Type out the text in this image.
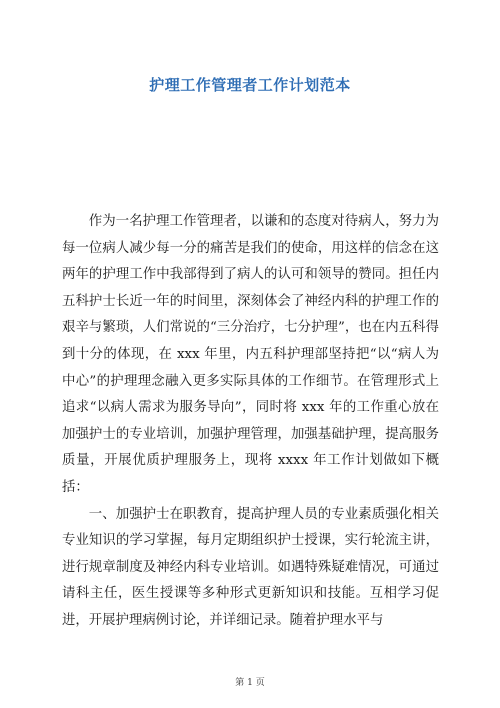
护理工作管理者工作计划范本

作为一名护理工作管理者，以谦和的态度对待病人，努力为每一位病人减少每一分的痛苦是我们的使命，用这样的信念在这两年的护理工作中我部得到了病人的认可和领导的赞同。担任内五科护士长近一年的时间里，深刻体会了神经内科的护理工作的艰辛与繁琐，人们常说的“三分治疗，七分护理”，也在内五科得到十分的体现，在 xxx 年里，内五科护理部坚持把“以“病人为中心”的护理理念融入更多实际具体的工作细节。在管理形式上追求“以病人需求为服务导向”，同时将 xxx 年的工作重心放在加强护士的专业培训，加强护理管理，加强基础护理，提高服务质量，开展优质护理服务上，现将 xxxx 年工作计划做如下概括：

一、加强护士在职教育，提高护理人员的专业素质强化相关专业知识的学习掌握，每月定期组织护士授课，实行轮流主讲，进行规章制度及神经内科专业培训。如遇特殊疑难情况，可通过请科主任，医生授课等多种形式更新知识和技能。互相学习促进，开展护理病例讨论，并详细记录。随着护理水平与

第 1 页
